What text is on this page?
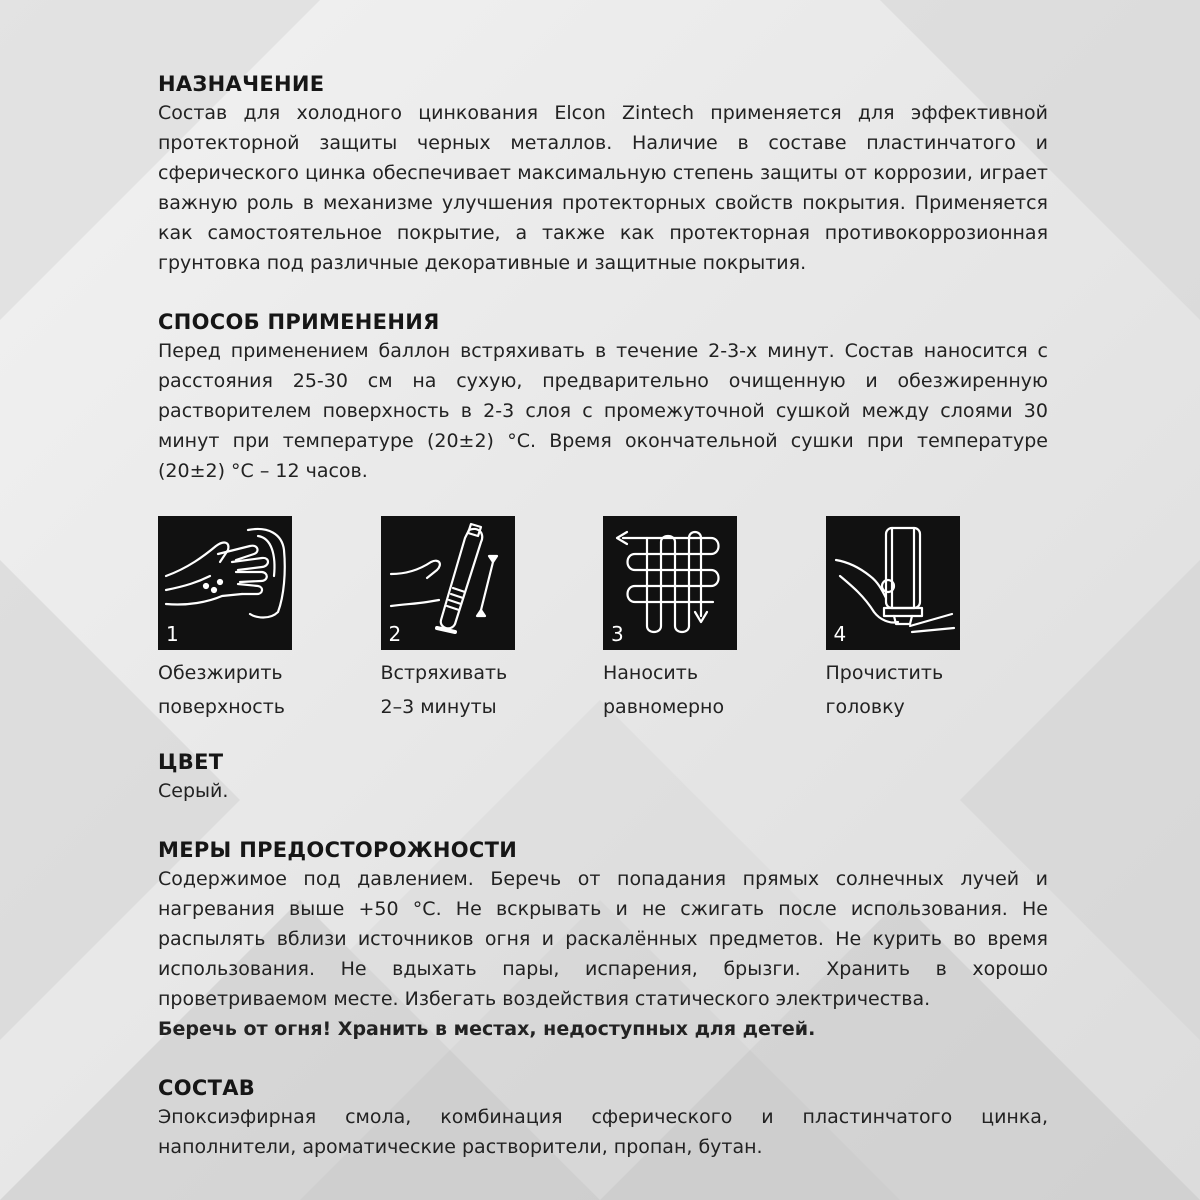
НАЗНАЧЕНИЕ

Состав для холодного цинкования Elcon Zintech применяется для эффективной протекторной защиты черных металлов. Наличие в составе пластинчатого и сферического цинка обеспечивает максимальную степень защиты от коррозии, играет важную роль в механизме улучшения протекторных свойств покрытия. Применяется как самостоятельное покрытие, а также как протекторная противокоррозионная грунтовка под различные декоративные и защитные покрытия.

СПОСОБ ПРИМЕНЕНИЯ

Перед применением баллон встряхивать в течение 2-3-х минут. Состав наносится с расстояния 25-30 см на сухую, предварительно очищенную и обезжиренную растворителем поверхность в 2-3 слоя с промежуточной сушкой между слоями 30 минут при температуре (20±2) °С. Время окончательной сушки при температуре (20±2) °С – 12 часов.

1
Обезжирить
поверхность
2
Встряхивать
2–3 минуты
3
Наносить
равномерно
4
Прочистить
головку
ЦВЕТ

Серый.

МЕРЫ ПРЕДОСТОРОЖНОСТИ

Содержимое под давлением. Беречь от попадания прямых солнечных лучей и нагревания выше +50 °С. Не вскрывать и не сжигать после использования. Не распылять вблизи источников огня и раскалённых предметов. Не курить во время использования. Не вдыхать пары, испарения, брызги. Хранить в хорошо проветриваемом месте. Избегать воздействия статического электричества.

Беречь от огня! Хранить в местах, недоступных для детей.

СОСТАВ

Эпоксиэфирная смола, комбинация сферического и пластинчатого цинка, наполнители, ароматические растворители, пропан, бутан.
